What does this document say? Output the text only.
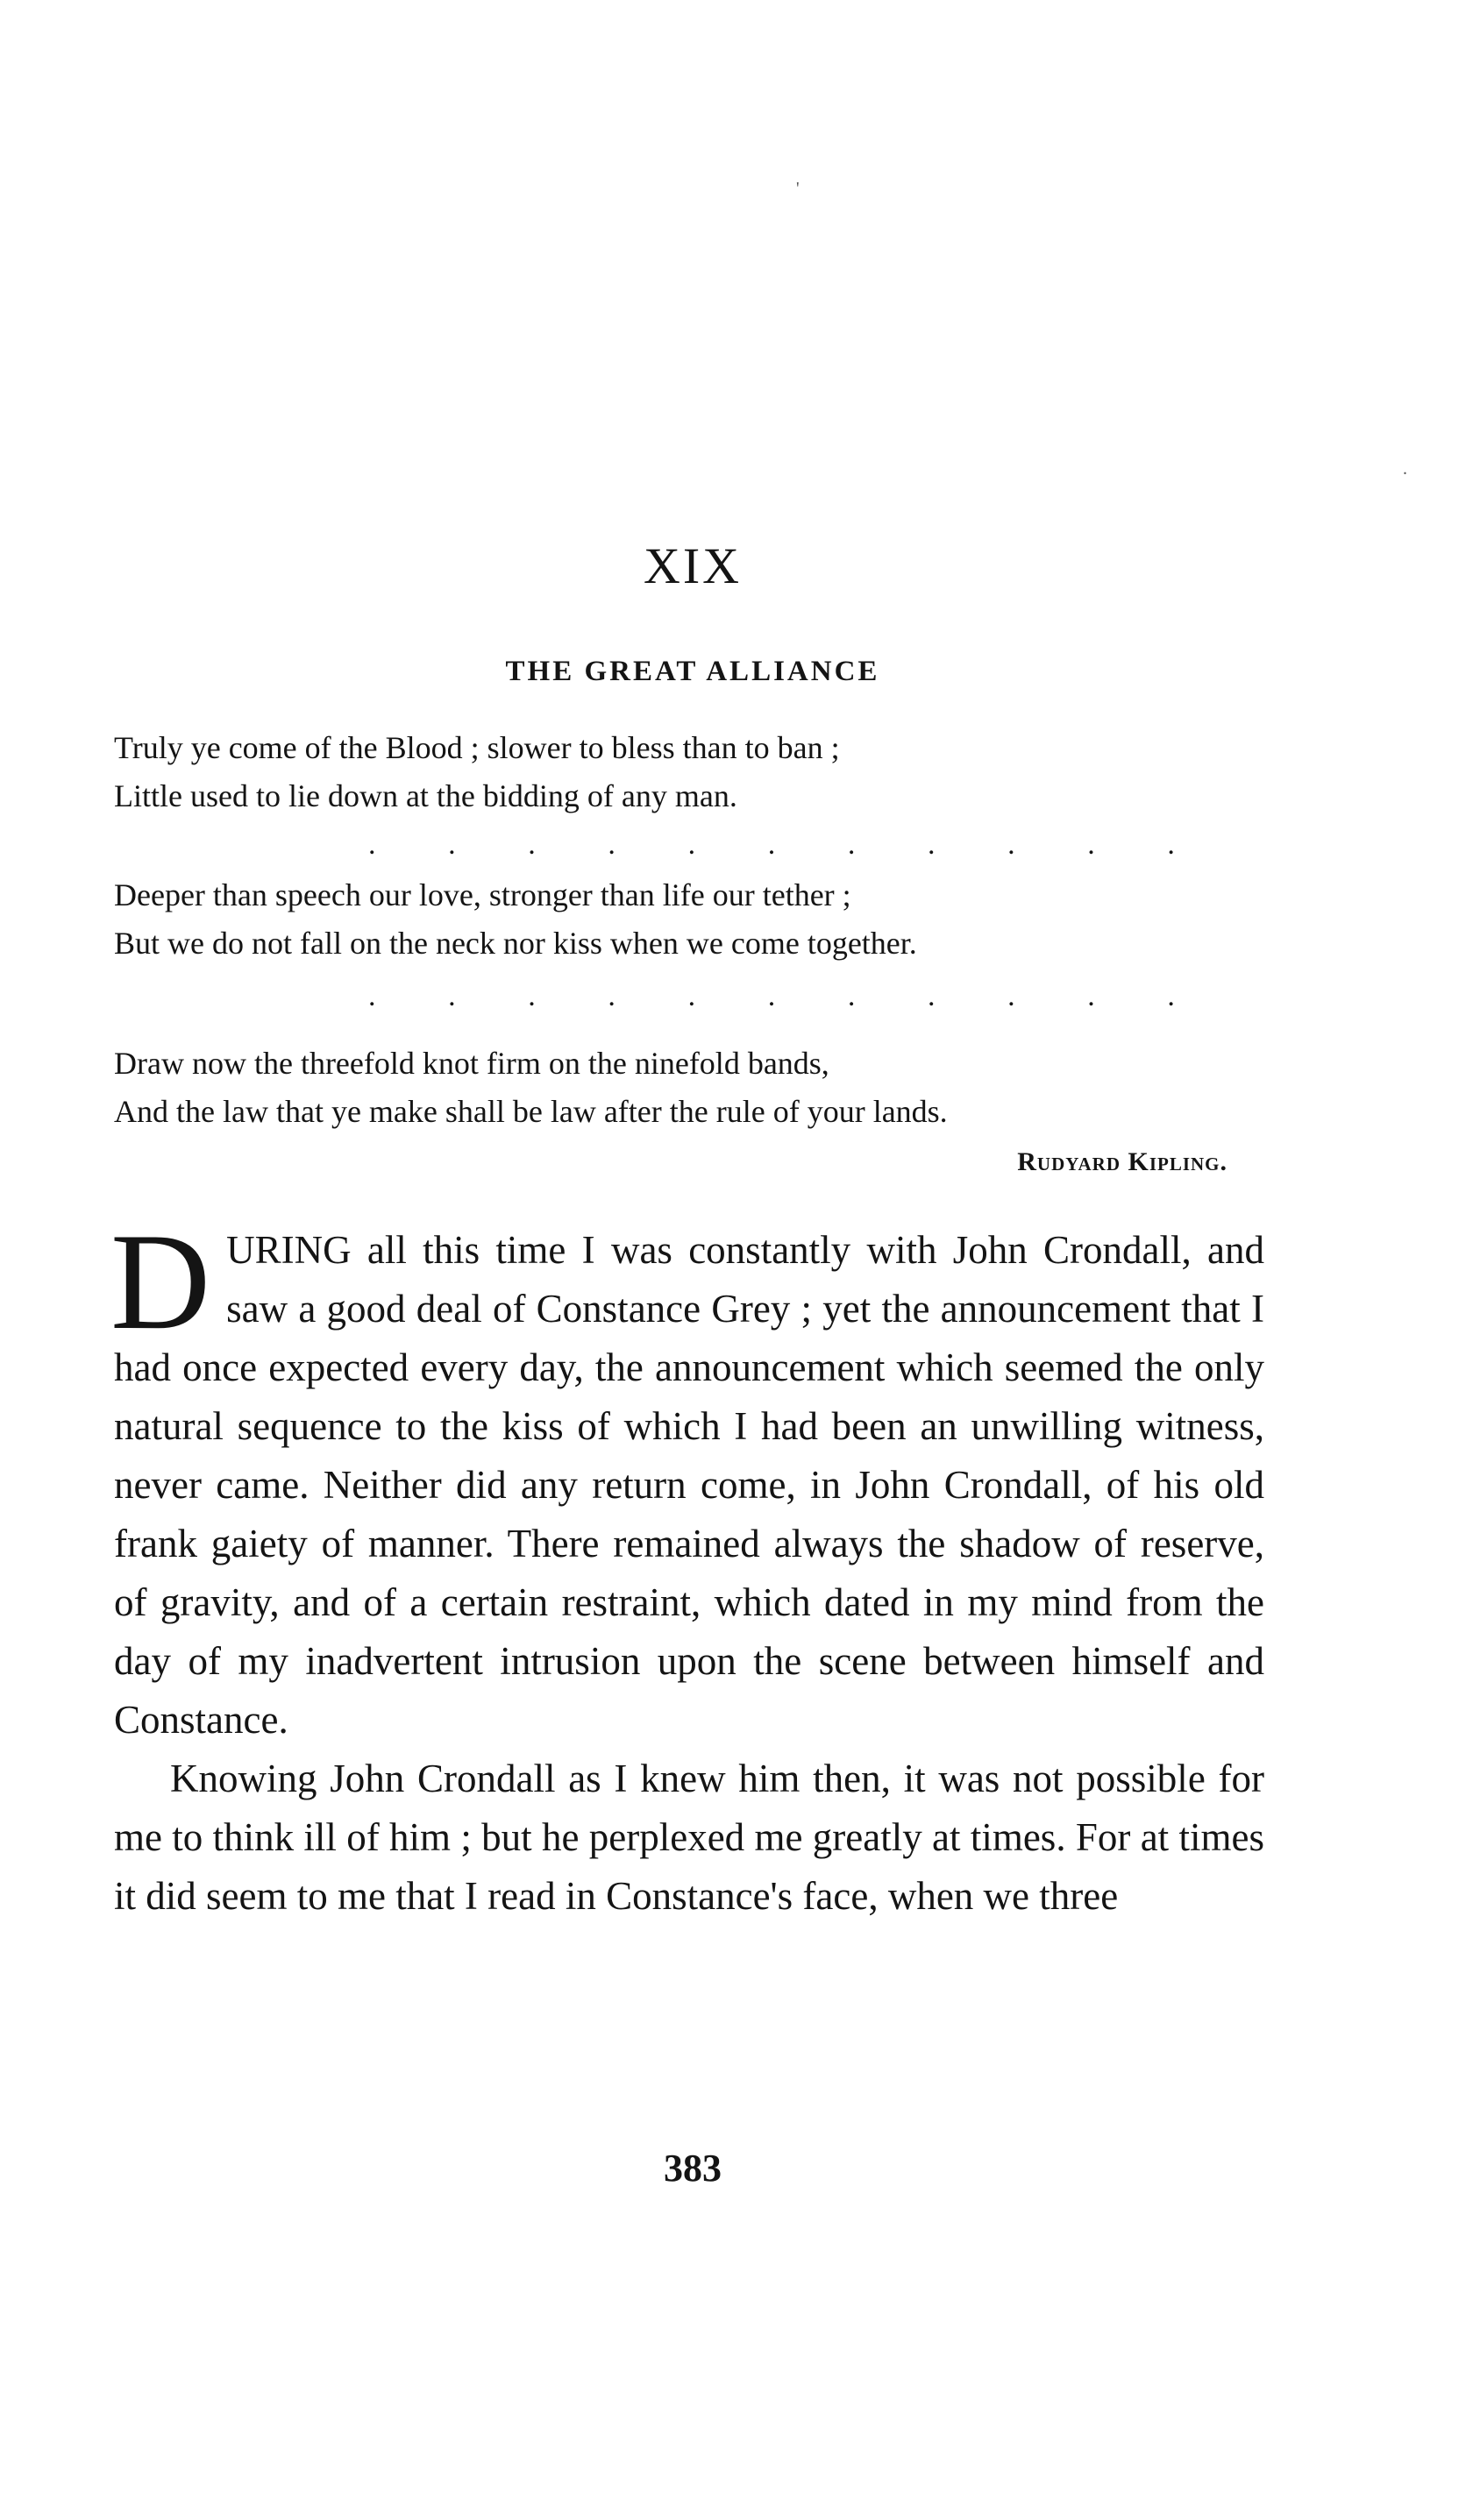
'
.
XIX
THE GREAT ALLIANCE
Truly ye come of the Blood ; slower to bless than to ban ;
Little used to lie down at the bidding of any man.
. . . . . . . . . . .
Deeper than speech our love, stronger than life our tether ;
But we do not fall on the neck nor kiss when we come together.
. . . . . . . . . . .
Draw now the threefold knot firm on the ninefold bands,
And the law that ye make shall be law after the rule of your lands.
Rudyard Kipling.

DURING all this time I was constantly with John Crondall, and saw a good deal of Constance Grey ; yet the announcement that I had once expected every day, the announcement which seemed the only natural sequence to the kiss of which I had been an unwilling witness, never came. Neither did any return come, in John Crondall, of his old frank gaiety of manner. There remained always the shadow of reserve, of gravity, and of a certain restraint, which dated in my mind from the day of my inadvertent intrusion upon the scene between himself and Constance.

Knowing John Crondall as I knew him then, it was not possible for me to think ill of him ; but he perplexed me greatly at times. For at times it did seem to me that I read in Constance's face, when we three

383
